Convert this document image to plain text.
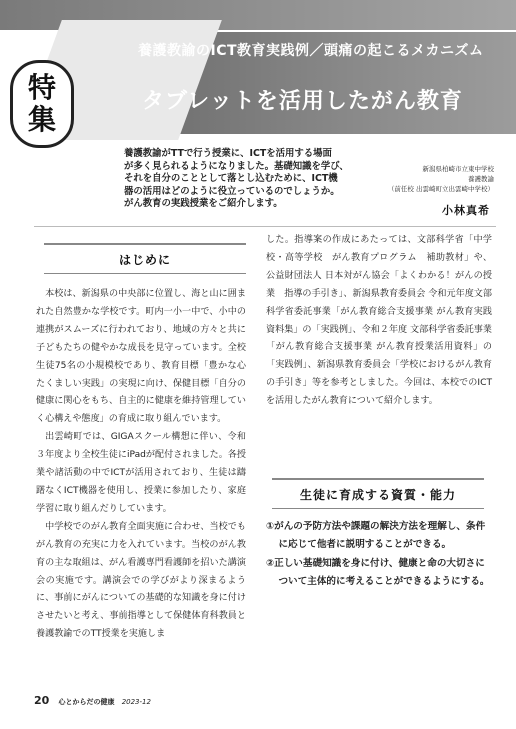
特
集
養護教諭のICT教育実践例／頭痛の起こるメカニズム
タブレットを活用したがん教育

養護教諭がTTで行う授業に、ICTを活用する場面

が多く見られるようになりました。基礎知識を学び、

それを自分のこととして落とし込むために、ICT機

器の活用はどのように役立っているのでしょうか。

がん教育の実践授業をご紹介します。

新潟県柏崎市立東中学校
養護教諭
（前任校 出雲崎町立出雲崎中学校）
小林真希
はじめに

本校は、新潟県の中央部に位置し、海と山に囲まれた自然豊かな学校です。町内一小一中で、小中の連携がスムーズに行われており、地域の方々と共に子どもたちの健やかな成長を見守っています。全校生徒75名の小規模校であり、教育目標「豊かな心 たくましい実践」の実現に向け、保健目標「自分の健康に関心をもち、自主的に健康を維持管理していく心構えや態度」の育成に取り組んでいます。

出雲崎町では、GIGAスクール構想に伴い、令和３年度より全校生徒にiPadが配付されました。各授業や諸活動の中でICTが活用されており、生徒は躊躇なくICT機器を使用し、授業に参加したり、家庭学習に取り組んだりしています。

中学校でのがん教育全面実施に合わせ、当校でもがん教育の充実に力を入れています。当校のがん教育の主な取組は、がん看護専門看護師を招いた講演会の実施です。講演会での学びがより深まるように、事前にがんについての基礎的な知識を身に付けさせたいと考え、事前指導として保健体育科教員と養護教諭でのTT授業を実施しま

した。指導案の作成にあたっては、文部科学省「中学校・高等学校　がん教育プログラム　補助教材」や、公益財団法人 日本対がん協会「よくわかる！がんの授業　指導の手引き」、新潟県教育委員会 令和元年度文部科学省委託事業「がん教育総合支援事業 がん教育実践資料集」の「実践例」、令和２年度 文部科学省委託事業「がん教育総合支援事業 がん教育授業活用資料」の「実践例」、新潟県教育委員会「学校におけるがん教育の手引き」等を参考としました。今回は、本校でのICTを活用したがん教育について紹介します。

生徒に育成する資質・能力
①がんの予防方法や課題の解決方法を理解し、条件に応じて他者に説明することができる。
②正しい基礎知識を身に付け、健康と命の大切さについて主体的に考えることができるようにする。
20 心とからだの健康 2023-12
